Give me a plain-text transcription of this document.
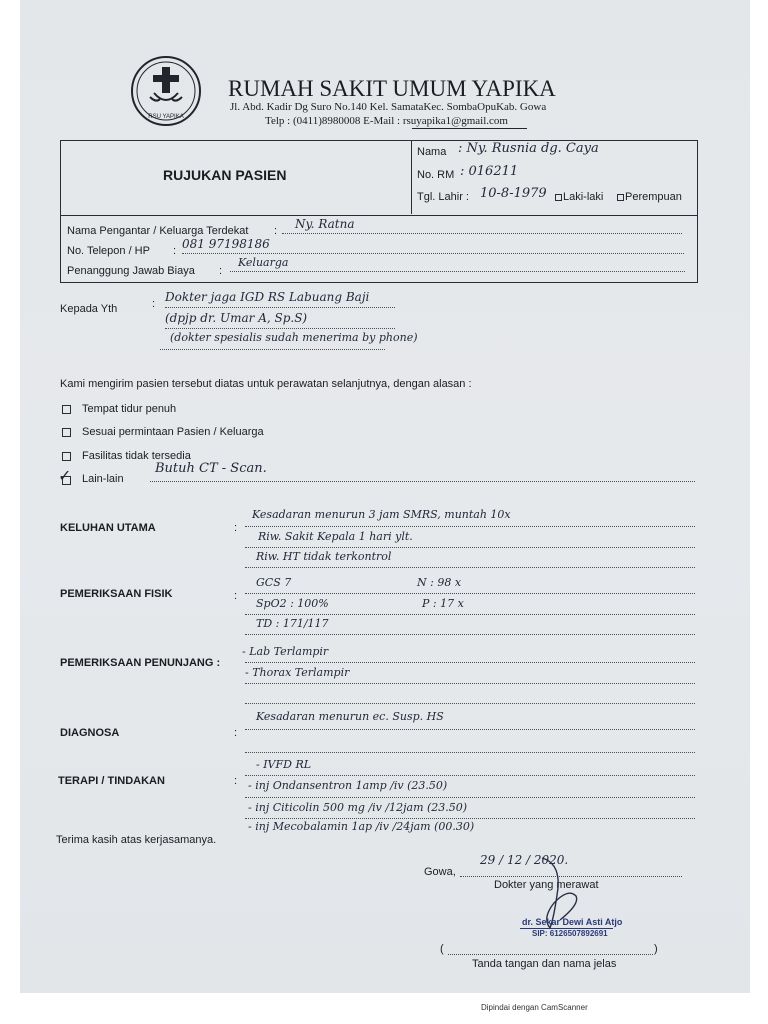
RSU YAPIKA
RUMAH SAKIT UMUM YAPIKA
Jl. Abd. Kadir Dg Suro No.140 Kel. SamataKec. SombaOpuKab. Gowa
Telp : (0411)8980008 E-Mail : rsuyapika1@gmail.com
RUJUKAN PASIEN
Nama : Ny. Rusnia dg. Caya
No. RM : 016211
Tgl. Lahir : 10-8-1979 Laki-laki Perempuan
Nama Pengantar / Keluarga Terdekat : Ny. Ratna
No. Telepon / HP : 081 97198186
Penanggung Jawab Biaya :
Keluarga
Kepada Yth	: Dokter jaga IGD RS Labuang Baji
(dpjp dr. Umar A, Sp.S)
(dokter spesialis sudah menerima by phone)
Kami mengirim pasien tersebut diatas untuk perawatan selanjutnya, dengan alasan :
Tempat tidur penuh
Sesuai permintaan Pasien / Keluarga
Fasilitas tidak tersedia
✓ Lain-lain
Butuh CT - Scan.
KELUHAN UTAMA	:
Kesadaran menurun 3 jam SMRS, muntah 10x
Riw. Sakit Kepala 1 hari ylt.
Riw. HT tidak terkontrol
PEMERIKSAAN FISIK	:
GCS 7	N : 98 x
SpO2 : 100%	P : 17 x
TD : 171/117
PEMERIKSAAN PENUNJANG :
- Lab Terlampir
- Thorax Terlampir
DIAGNOSA	:
Kesadaran menurun ec. Susp. HS
TERAPI / TINDAKAN	:
- IVFD RL
- inj Ondansentron 1amp /iv (23.50)
- inj Citicolin 500 mg /iv /12jam (23.50)
- inj Mecobalamin 1ap /iv /24jam (00.30)
Terima kasih atas kerjasamanya.
Gowa,
29 / 12 / 2020.
Dokter yang merawat
dr. Sekar Dewi Asti Atjo
SIP: 6126507892691
(	)
Tanda tangan dan nama jelas
Dipindai dengan CamScanner
